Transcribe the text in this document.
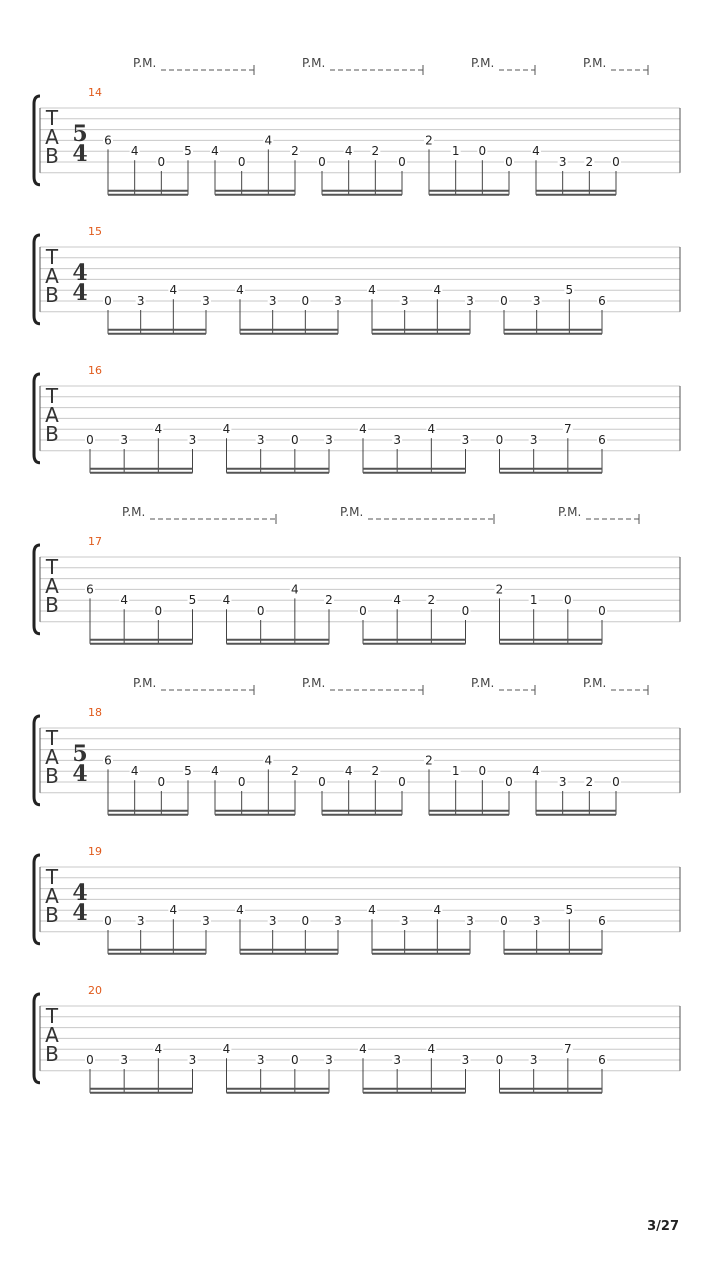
T
A
B
14
5
4
P.M.	P.M.	P.M.	P.M.
6
4
0
5 4
0
4
2
0
4 2
0
2
1 0
0
4
3 2 0
T
A
B
15
4
4 0 3
4
3
4
3 0 3
4
3
4
3 0 3
5
6
T
A
B
16
0 3
4
3
4
3 0 3
4
3
4
3 0 3
7
6
T
A
B
17
P.M.	P.M.	P.M.
6
4
0
5 4
0
4
2
0
4 2
0
2
1 0
0
T
A
B
18
5
4
P.M.	P.M.	P.M.	P.M.
6
4
0
5 4
0
4
2
0
4 2
0
2
1 0
0
4
3 2 0
T
A
B
19
4
4 0 3
4
3
4
3 0 3
4
3
4
3 0 3
5
6
T
A
B
20
0 3
4
3
4
3 0 3
4
3
4
3 0 3
7
6
3/27
